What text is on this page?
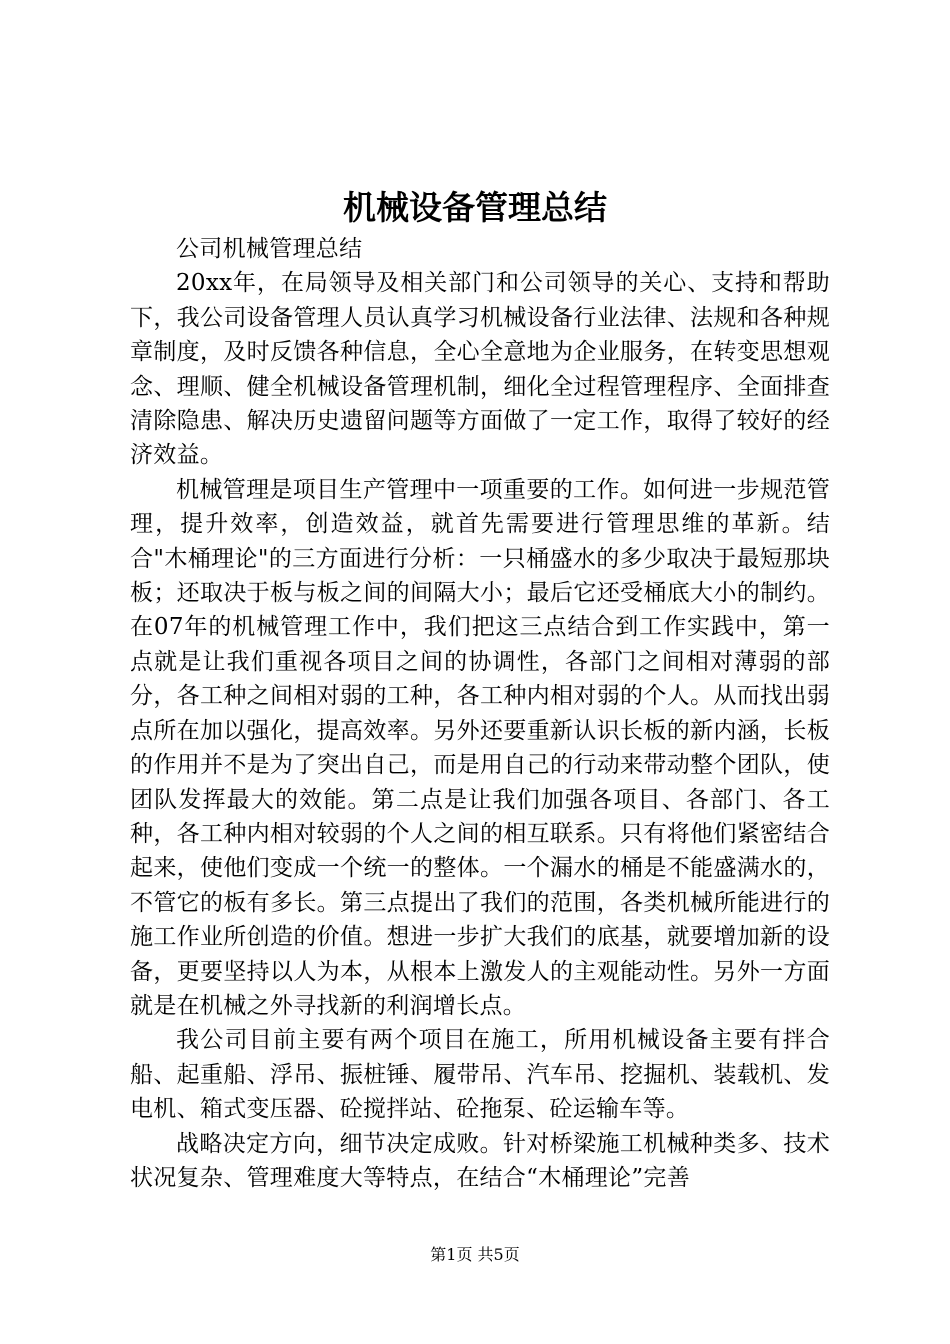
机械设备管理总结

公司机械管理总结

20xx年，在局领导及相关部门和公司领导的关心、支持和帮助下，我公司设备管理人员认真学习机械设备行业法律、法规和各种规章制度，及时反馈各种信息，全心全意地为企业服务，在转变思想观念、理顺、健全机械设备管理机制，细化全过程管理程序、全面排查清除隐患、解决历史遗留问题等方面做了一定工作，取得了较好的经济效益。

机械管理是项目生产管理中一项重要的工作。如何进一步规范管理，提升效率，创造效益，就首先需要进行管理思维的革新。结合"木桶理论"的三方面进行分析：一只桶盛水的多少取决于最短那块板；还取决于板与板之间的间隔大小；最后它还受桶底大小的制约。在07年的机械管理工作中，我们把这三点结合到工作实践中，第一点就是让我们重视各项目之间的协调性，各部门之间相对薄弱的部分，各工种之间相对弱的工种，各工种内相对弱的个人。从而找出弱点所在加以强化，提高效率。另外还要重新认识长板的新内涵，长板的作用并不是为了突出自己，而是用自己的行动来带动整个团队，使团队发挥最大的效能。第二点是让我们加强各项目、各部门、各工种，各工种内相对较弱的个人之间的相互联系。只有将他们紧密结合起来，使他们变成一个统一的整体。一个漏水的桶是不能盛满水的，不管它的板有多长。第三点提出了我们的范围，各类机械所能进行的施工作业所创造的价值。想进一步扩大我们的底基，就要增加新的设备，更要坚持以人为本，从根本上激发人的主观能动性。另外一方面就是在机械之外寻找新的利润增长点。

我公司目前主要有两个项目在施工，所用机械设备主要有拌合船、起重船、浮吊、振桩锤、履带吊、汽车吊、挖掘机、装载机、发电机、箱式变压器、砼搅拌站、砼拖泵、砼运输车等。

战略决定方向，细节决定成败。针对桥梁施工机械种类多、技术状况复杂、管理难度大等特点，在结合“木桶理论”完善

第1页 共5页
